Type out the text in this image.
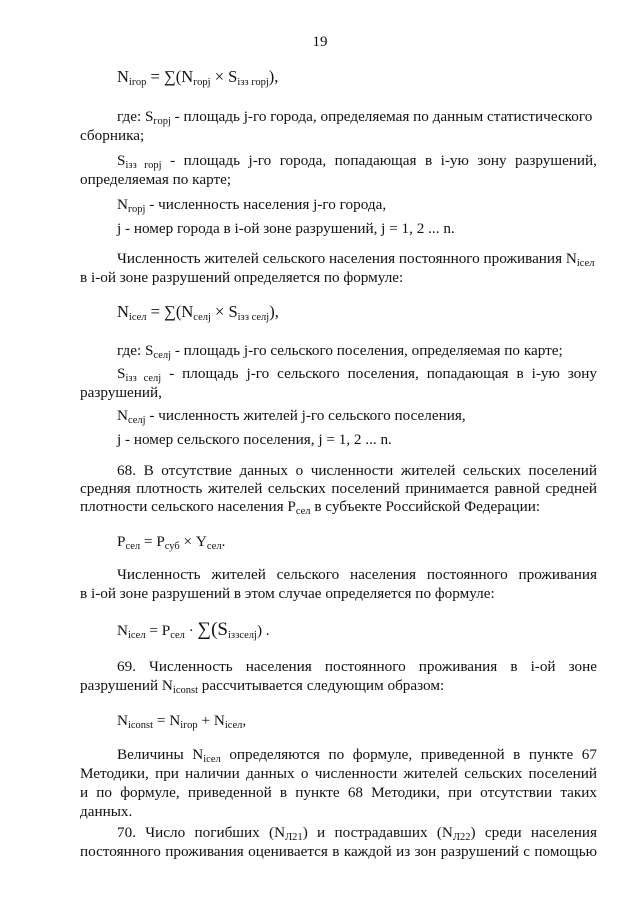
19
$N_{iгор} = \sum(N_{горj} \times S_{iзз горj})$,
где: $S_{горj}$ - площадь j-го города, определяемая по данным статистического
сборника;
$S_{iзз горj}$ - площадь j-го города, попадающая в i-ую зону разрушений,
определяемая по карте;
$N_{горj}$ - численность населения j-го города,
j - номер города в i-ой зоне разрушений, j = 1, 2 ... n.
Численность жителей сельского населения постоянного проживания $N_{iсел}$
в i-ой зоне разрушений определяется по формуле:
$N_{iсел} = \sum(N_{селj} \times S_{iзз селj})$,
где: $S_{селj}$ - площадь j-го сельского поселения, определяемая по карте;
$S_{iзз селj}$ - площадь j-го сельского поселения, попадающая в i-ую зону
разрушений,
$N_{селj}$ - численность жителей j-го сельского поселения,
j - номер сельского поселения, j = 1, 2 ... n.
68. В отсутствие данных о численности жителей сельских поселений
средняя плотность жителей сельских поселений принимается равной средней
плотности сельского населения $P_{сел}$ в субъекте Российской Федерации:
$P_{сел} = P_{суб} \times Y_{сел}$.
Численность жителей сельского населения постоянного проживания
в i-ой зоне разрушений в этом случае определяется по формуле:
$N_{iсел} = P_{сел} \cdot \sum(S_{iззселj})$ .
69. Численность населения постоянного проживания в i-ой зоне
разрушений $N_{iconst}$ рассчитывается следующим образом:
$N_{iconst} = N_{iгор} + N_{iсел}$,
Величины $N_{iсел}$ определяются по формуле, приведенной в пункте 67
Методики, при наличии данных о численности жителей сельских поселений
и по формуле, приведенной в пункте 68 Методики, при отсутствии таких
данных.
70. Число погибших $(N_{Л21})$ и пострадавших $(N_{Л22})$ среди населения
постоянного проживания оценивается в каждой из зон разрушений с помощью
